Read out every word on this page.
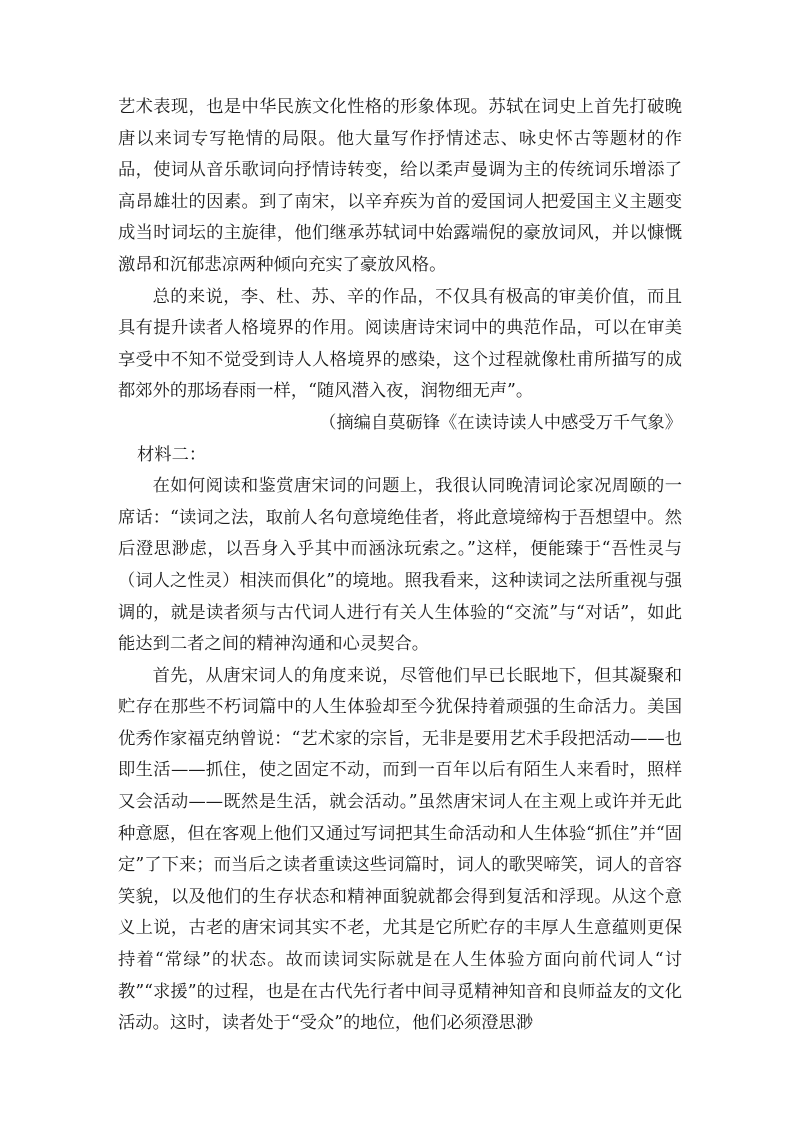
艺术表现，也是中华民族文化性格的形象体现。苏轼在词史上首先打破晚唐以来词专写艳情的局限。他大量写作抒情述志、咏史怀古等题材的作品，使词从音乐歌词向抒情诗转变，给以柔声曼调为主的传统词乐增添了高昂雄壮的因素。到了南宋，以辛弃疾为首的爱国词人把爱国主义主题变成当时词坛的主旋律，他们继承苏轼词中始露端倪的豪放词风，并以慷慨激昂和沉郁悲凉两种倾向充实了豪放风格。

总的来说，李、杜、苏、辛的作品，不仅具有极高的审美价值，而且具有提升读者人格境界的作用。阅读唐诗宋词中的典范作品，可以在审美享受中不知不觉受到诗人人格境界的感染，这个过程就像杜甫所描写的成都郊外的那场春雨一样，“随风潜入夜，润物细无声”。

（摘编自莫砺锋《在读诗读人中感受万千气象》

材料二：

在如何阅读和鉴赏唐宋词的问题上，我很认同晚清词论家况周颐的一席话：“读词之法，取前人名句意境绝佳者，将此意境缔构于吾想望中。然后澄思渺虑，以吾身入乎其中而涵泳玩索之。”这样，便能臻于“吾性灵与（词人之性灵）相浃而俱化”的境地。照我看来，这种读词之法所重视与强调的，就是读者须与古代词人进行有关人生体验的“交流”与“对话”，如此能达到二者之间的精神沟通和心灵契合。

首先，从唐宋词人的角度来说，尽管他们早已长眠地下，但其凝聚和贮存在那些不朽词篇中的人生体验却至今犹保持着顽强的生命活力。美国优秀作家福克纳曾说：“艺术家的宗旨，无非是要用艺术手段把活动——也即生活——抓住，使之固定不动，而到一百年以后有陌生人来看时，照样又会活动——既然是生活，就会活动。”虽然唐宋词人在主观上或许并无此种意愿，但在客观上他们又通过写词把其生命活动和人生体验“抓住”并“固定”了下来；而当后之读者重读这些词篇时，词人的歌哭啼笑，词人的音容笑貌，以及他们的生存状态和精神面貌就都会得到复活和浮现。从这个意义上说，古老的唐宋词其实不老，尤其是它所贮存的丰厚人生意蕴则更保持着“常绿”的状态。故而读词实际就是在人生体验方面向前代词人“讨教”“求援”的过程，也是在古代先行者中间寻觅精神知音和良师益友的文化活动。这时，读者处于“受众”的地位，他们必须澄思渺
